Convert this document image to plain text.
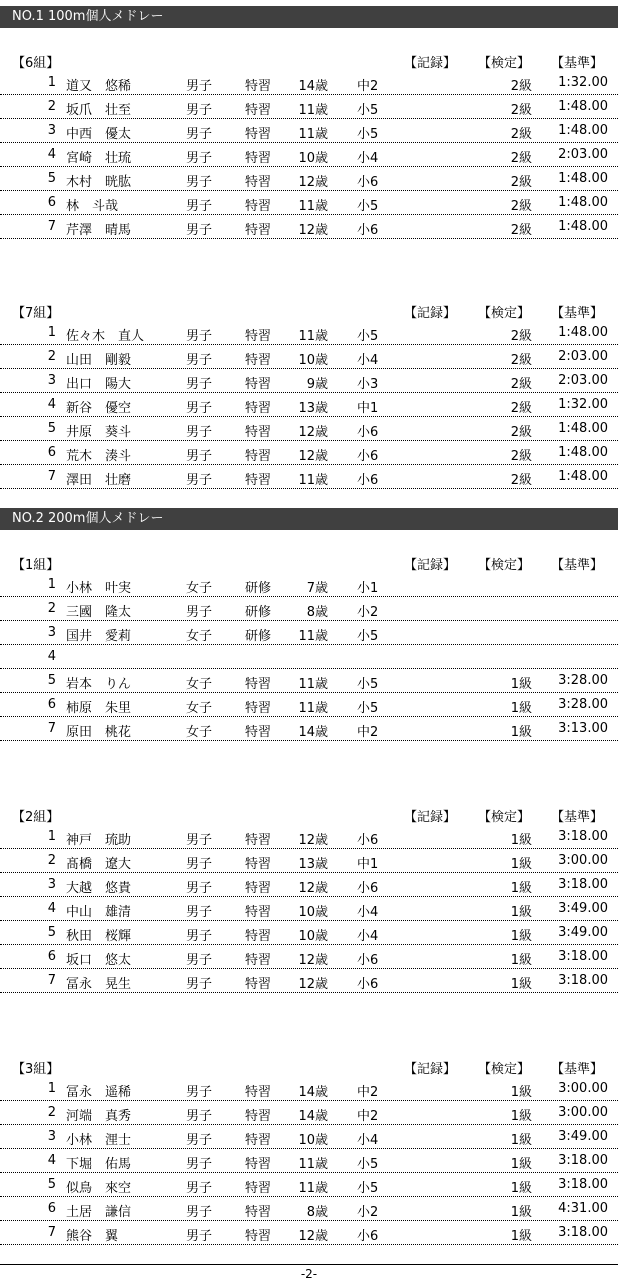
NO.1 100m個人メドレー
NO.2 200m個人メドレー
【6組】	【記録】 【検定】 【基準】
1 道又　悠稀	男子	特習	14歳 中2	2級	1:32.00
2 坂爪　壮至	男子	特習	11歳 小5	2級	1:48.00
3 中西　優太	男子	特習	11歳 小5	2級	1:48.00
4 宮崎　壮琉	男子	特習	10歳 小4	2級	2:03.00
5 木村　晄肱	男子	特習	12歳 小6	2級	1:48.00
6 林　斗哉	男子	特習	11歳 小5	2級	1:48.00
7 芹澤　晴馬	男子	特習	12歳 小6	2級	1:48.00
【7組】	【記録】 【検定】 【基準】
1 佐々木　直人	男子	特習	11歳 小5	2級	1:48.00
2 山田　剛毅	男子	特習	10歳 小4	2級	2:03.00
3 出口　陽大	男子	特習	9歳 小3	2級	2:03.00
4 新谷　優空	男子	特習	13歳 中1	2級	1:32.00
5 井原　葵斗	男子	特習	12歳 小6	2級	1:48.00
6 荒木　湊斗	男子	特習	12歳 小6	2級	1:48.00
7 澤田　壮磨	男子	特習	11歳 小6	2級	1:48.00
【1組】	【記録】 【検定】 【基準】
1 小林　叶実	女子	研修	7歳 小1
2 三國　隆太	男子	研修	8歳 小2
3 国井　愛莉	女子	研修	11歳 小5
4
5 岩本　りん	女子	特習	11歳 小5	1級	3:28.00
6 柿原　朱里	女子	特習	11歳 小5	1級	3:28.00
7 原田　桃花	女子	特習	14歳 中2	1級	3:13.00
【2組】	【記録】 【検定】 【基準】
1 神戸　琉助	男子	特習	12歳 小6	1級	3:18.00
2 髙橋　遼大	男子	特習	13歳 中1	1級	3:00.00
3 大越　悠貴	男子	特習	12歳 小6	1級	3:18.00
4 中山　雄清	男子	特習	10歳 小4	1級	3:49.00
5 秋田　桜輝	男子	特習	10歳 小4	1級	3:49.00
6 坂口　悠太	男子	特習	12歳 小6	1級	3:18.00
7 冨永　晃生	男子	特習	12歳 小6	1級	3:18.00
【3組】	【記録】 【検定】 【基準】
1 冨永　遥稀	男子	特習	14歳 中2	1級	3:00.00
2 河端　真秀	男子	特習	14歳 中2	1級	3:00.00
3 小林　浬士	男子	特習	10歳 小4	1級	3:49.00
4 下堀　佑馬	男子	特習	11歳 小5	1級	3:18.00
5 似鳥　來空	男子	特習	11歳 小5	1級	3:18.00
6 土居　謙信	男子	特習	8歳 小2	1級	4:31.00
7 熊谷　翼	男子	特習	12歳 小6	1級	3:18.00
-2-
